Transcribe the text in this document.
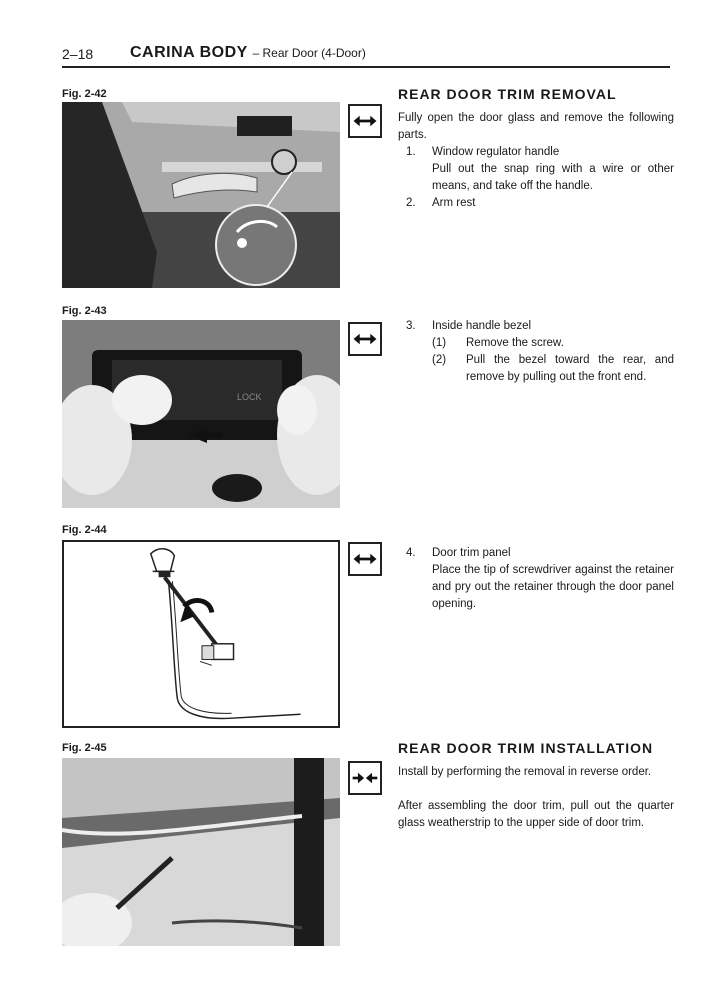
2–18 CARINA BODY – Rear Door (4-Door)
Fig. 2-42	REAR DOOR TRIM REMOVAL
Fully open the door glass and remove the following parts.
1. Window regulator handle
Pull out the snap ring with a wire or other means, and take off the handle.
2. Arm rest
Fig. 2-43
LOCK
3. Inside handle bezel
(1) Remove the screw.
(2) Pull the bezel toward the rear, and remove by pulling out the front end.
Fig. 2-44
4. Door trim panel
Place the tip of screwdriver against the retainer and pry out the retainer through the door panel opening.
Fig. 2-45	REAR DOOR TRIM INSTALLATION
Install by performing the removal in reverse order.
After assembling the door trim, pull out the quarter glass weatherstrip to the upper side of door trim.
